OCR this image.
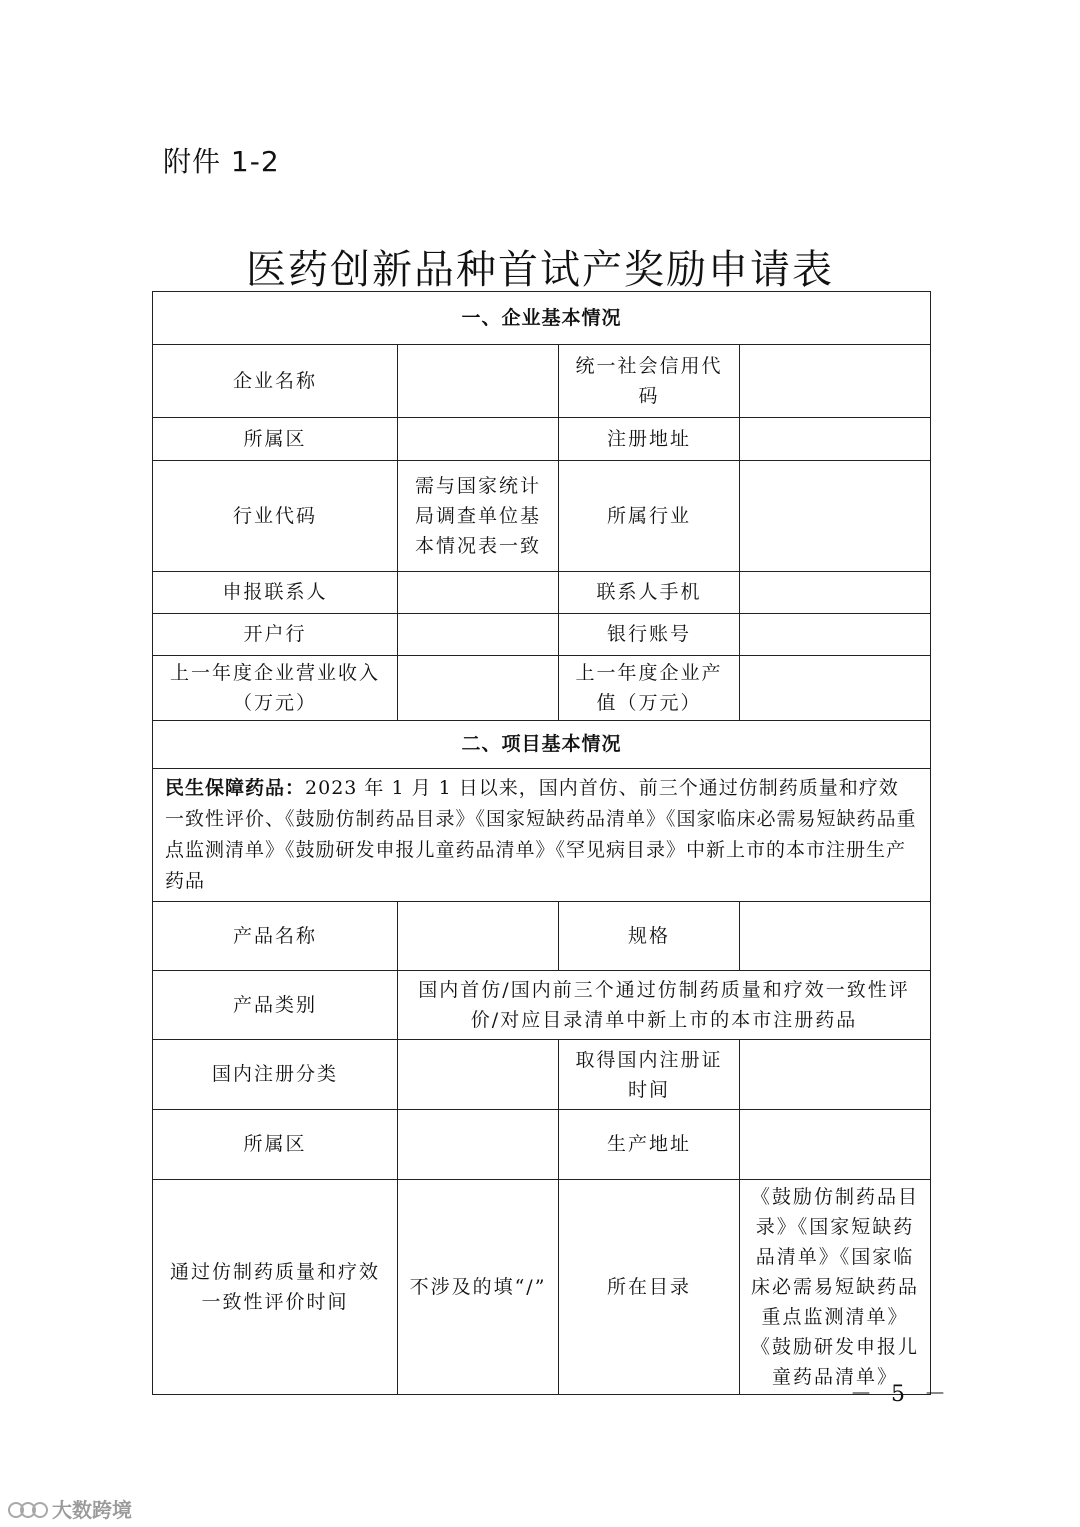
附件 1-2
医药创新品种首试产奖励申请表
一、企业基本情况			
企业名称		统一社会信用代码	
所属区		注册地址	
行业代码	需与国家统计局调查单位基本情况表一致	所属行业	
申报联系人		联系人手机	
开户行		银行账号	
上一年度企业营业收入（万元）		上一年度企业产值（万元）	
二、项目基本情况			
民生保障药品：2023 年 1 月 1 日以来，国内首仿、前三个通过仿制药质量和疗效一致性评价、《鼓励仿制药品目录》《国家短缺药品清单》《国家临床必需易短缺药品重点监测清单》《鼓励研发申报儿童药品清单》《罕见病目录》中新上市的本市注册生产药品			
产品名称		规格	
产品类别	国内首仿/国内前三个通过仿制药质量和疗效一致性评价/对应目录清单中新上市的本市注册药品		
国内注册分类		取得国内注册证时间	
所属区		生产地址	
通过仿制药质量和疗效一致性评价时间	不涉及的填“/”	所在目录	《鼓励仿制药品目录》《国家短缺药品清单》《国家临床必需易短缺药品重点监测清单》《鼓励研发申报儿童药品清单》
－ 5 －
大数跨境
